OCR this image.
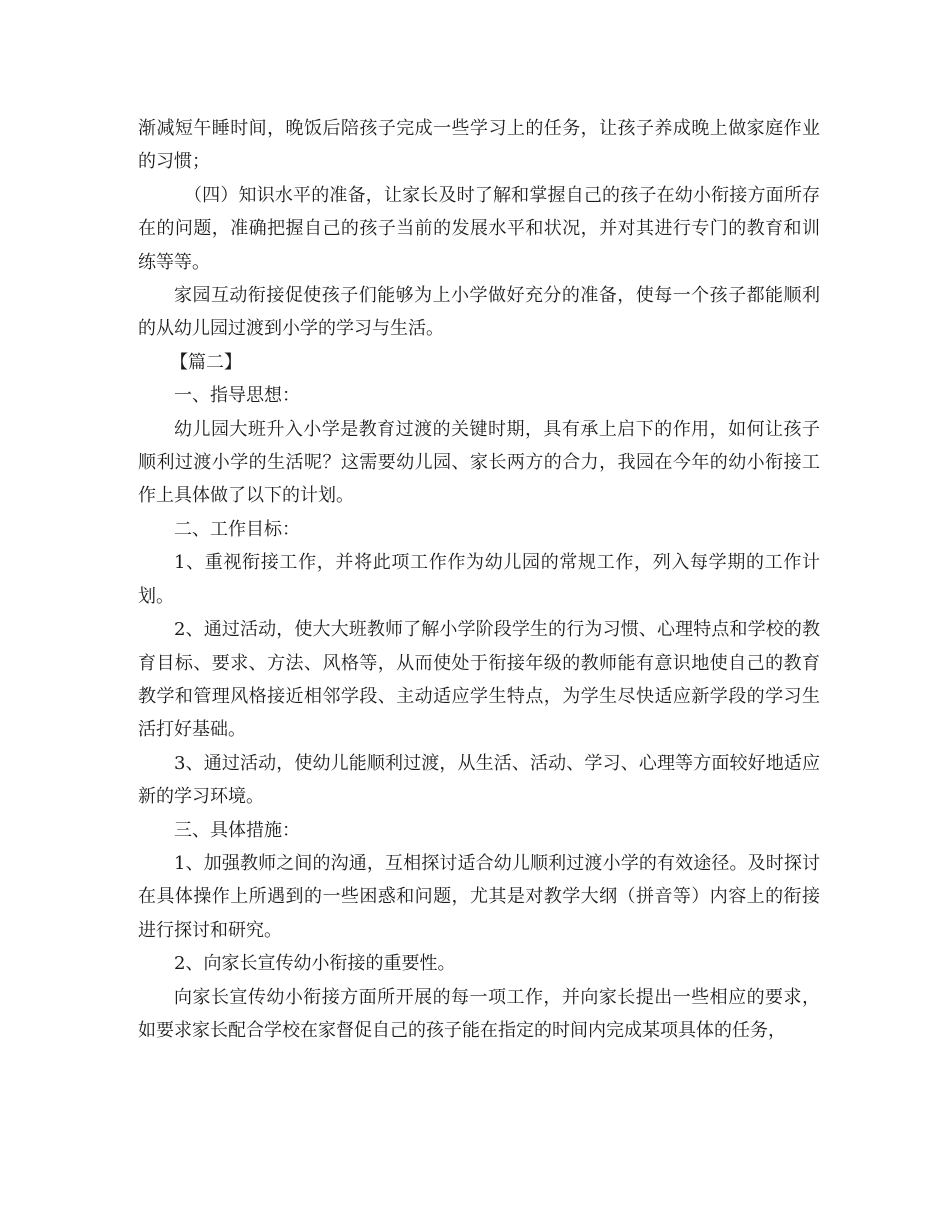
渐减短午睡时间，晚饭后陪孩子完成一些学习上的任务，让孩子养成晚上做家庭作业的习惯；

（四）知识水平的准备，让家长及时了解和掌握自己的孩子在幼小衔接方面所存在的问题，准确把握自己的孩子当前的发展水平和状况，并对其进行专门的教育和训练等等。

家园互动衔接促使孩子们能够为上小学做好充分的准备，使每一个孩子都能顺利的从幼儿园过渡到小学的学习与生活。

【篇二】

一、指导思想：

幼儿园大班升入小学是教育过渡的关键时期，具有承上启下的作用，如何让孩子顺利过渡小学的生活呢？这需要幼儿园、家长两方的合力，我园在今年的幼小衔接工作上具体做了以下的计划。

二、工作目标：

1、重视衔接工作，并将此项工作作为幼儿园的常规工作，列入每学期的工作计划。

2、通过活动，使大大班教师了解小学阶段学生的行为习惯、心理特点和学校的教育目标、要求、方法、风格等，从而使处于衔接年级的教师能有意识地使自己的教育教学和管理风格接近相邻学段、主动适应学生特点，为学生尽快适应新学段的学习生活打好基础。

3、通过活动，使幼儿能顺利过渡，从生活、活动、学习、心理等方面较好地适应新的学习环境。

三、具体措施：

1、加强教师之间的沟通，互相探讨适合幼儿顺利过渡小学的有效途径。及时探讨在具体操作上所遇到的一些困惑和问题，尤其是对教学大纲（拼音等）内容上的衔接进行探讨和研究。

2、向家长宣传幼小衔接的重要性。

向家长宣传幼小衔接方面所开展的每一项工作，并向家长提出一些相应的要求，如要求家长配合学校在家督促自己的孩子能在指定的时间内完成某项具体的任务，
